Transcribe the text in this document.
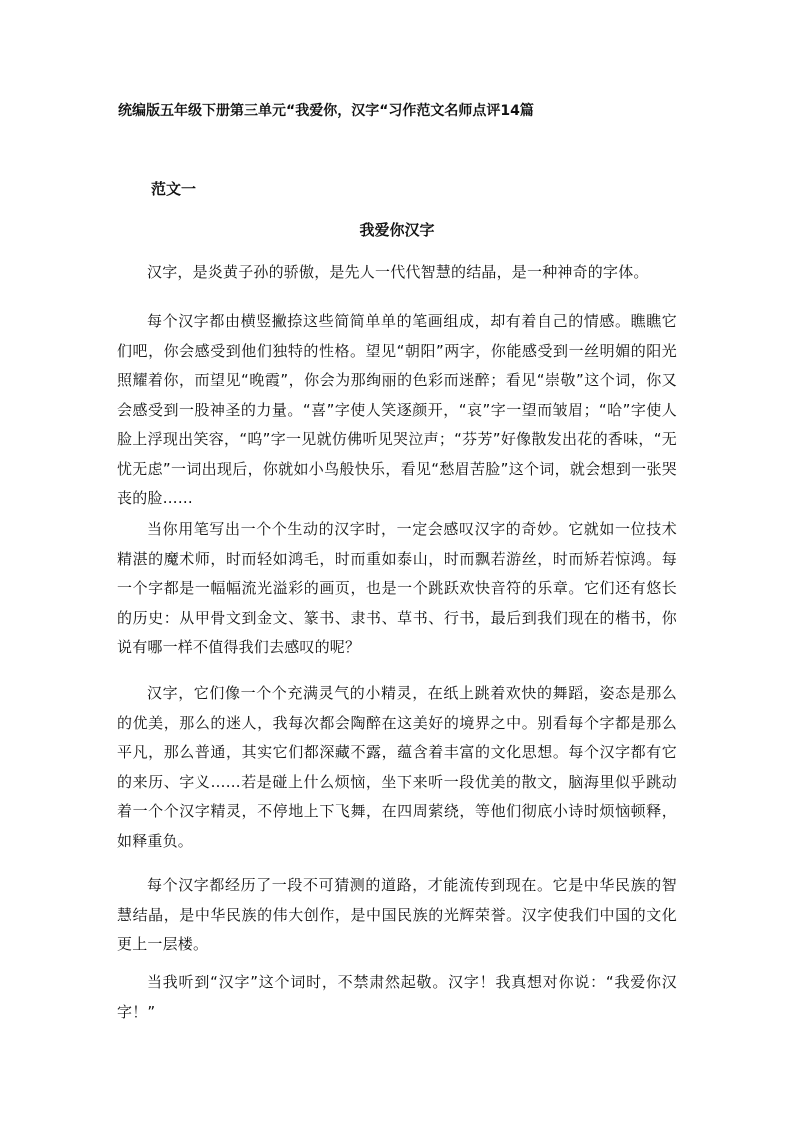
统编版五年级下册第三单元“我爱你，汉字“习作范文名师点评14篇
范文一
我爱你汉字

汉字，是炎黄子孙的骄傲，是先人一代代智慧的结晶，是一种神奇的字体。

每个汉字都由横竖撇捺这些简简单单的笔画组成，却有着自己的情感。瞧瞧它们吧，你会感受到他们独特的性格。望见“朝阳”两字，你能感受到一丝明媚的阳光照耀着你，而望见“晚霞”，你会为那绚丽的色彩而迷醉；看见“崇敬”这个词，你又会感受到一股神圣的力量。“喜”字使人笑逐颜开，“哀”字一望而皱眉；“哈”字使人脸上浮现出笑容，“呜”字一见就仿佛听见哭泣声；“芬芳”好像散发出花的香味，“无忧无虑”一词出现后，你就如小鸟般快乐，看见“愁眉苦脸”这个词，就会想到一张哭丧的脸……

当你用笔写出一个个生动的汉字时，一定会感叹汉字的奇妙。它就如一位技术精湛的魔术师，时而轻如鸿毛，时而重如泰山，时而飘若游丝，时而矫若惊鸿。每一个字都是一幅幅流光溢彩的画页，也是一个跳跃欢快音符的乐章。它们还有悠长的历史：从甲骨文到金文、篆书、隶书、草书、行书，最后到我们现在的楷书，你说有哪一样不值得我们去感叹的呢？

汉字，它们像一个个充满灵气的小精灵，在纸上跳着欢快的舞蹈，姿态是那么的优美，那么的迷人，我每次都会陶醉在这美好的境界之中。别看每个字都是那么平凡，那么普通，其实它们都深藏不露，蕴含着丰富的文化思想。每个汉字都有它的来历、字义……若是碰上什么烦恼，坐下来听一段优美的散文，脑海里似乎跳动着一个个汉字精灵，不停地上下飞舞，在四周萦绕，等他们彻底小诗时烦恼顿释，如释重负。

每个汉字都经历了一段不可猜测的道路，才能流传到现在。它是中华民族的智慧结晶，是中华民族的伟大创作，是中国民族的光辉荣誉。汉字使我们中国的文化更上一层楼。

当我听到“汉字”这个词时，不禁肃然起敬。汉字！我真想对你说：“我爱你汉字！”
